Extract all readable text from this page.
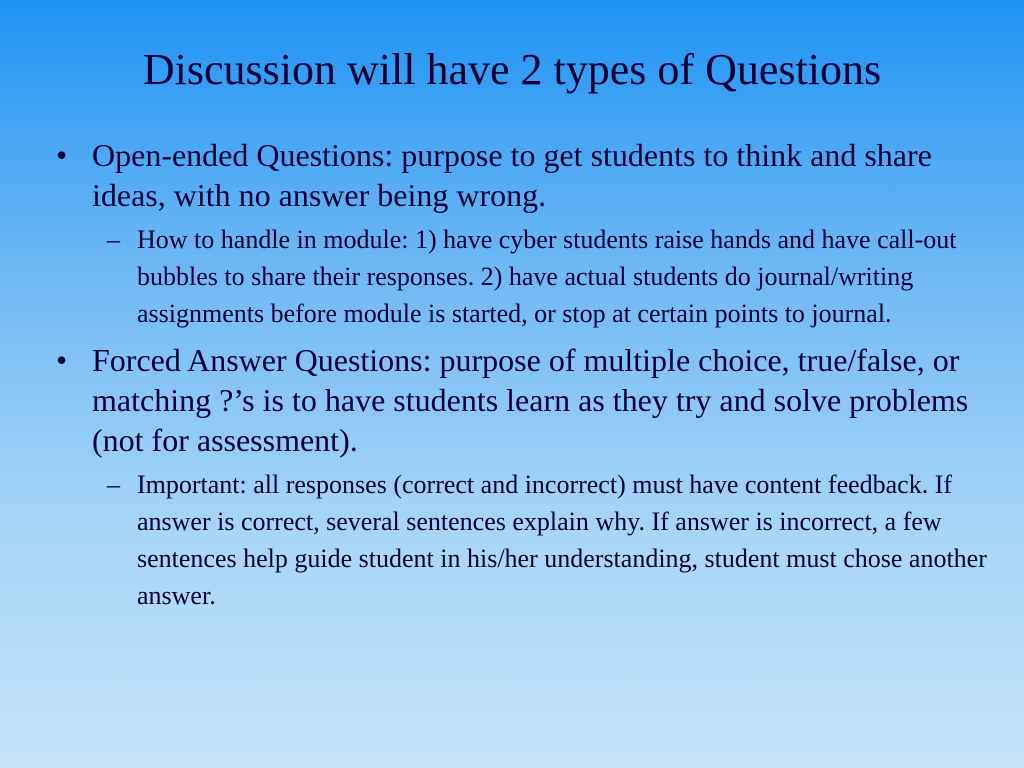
Discussion will have 2 types of Questions
• Open-ended Questions: purpose to get students to think and share ideas, with no answer being wrong.
– How to handle in module: 1) have cyber students raise hands and have call-out bubbles to share their responses. 2) have actual students do journal/writing assignments before module is started, or stop at certain points to journal.
• Forced Answer Questions: purpose of multiple choice, true/false, or matching ?’s is to have students learn as they try and solve problems (not for assessment).
– Important: all responses (correct and incorrect) must have content feedback. If answer is correct, several sentences explain why. If answer is incorrect, a few sentences help guide student in his/her understanding, student must chose another answer.
